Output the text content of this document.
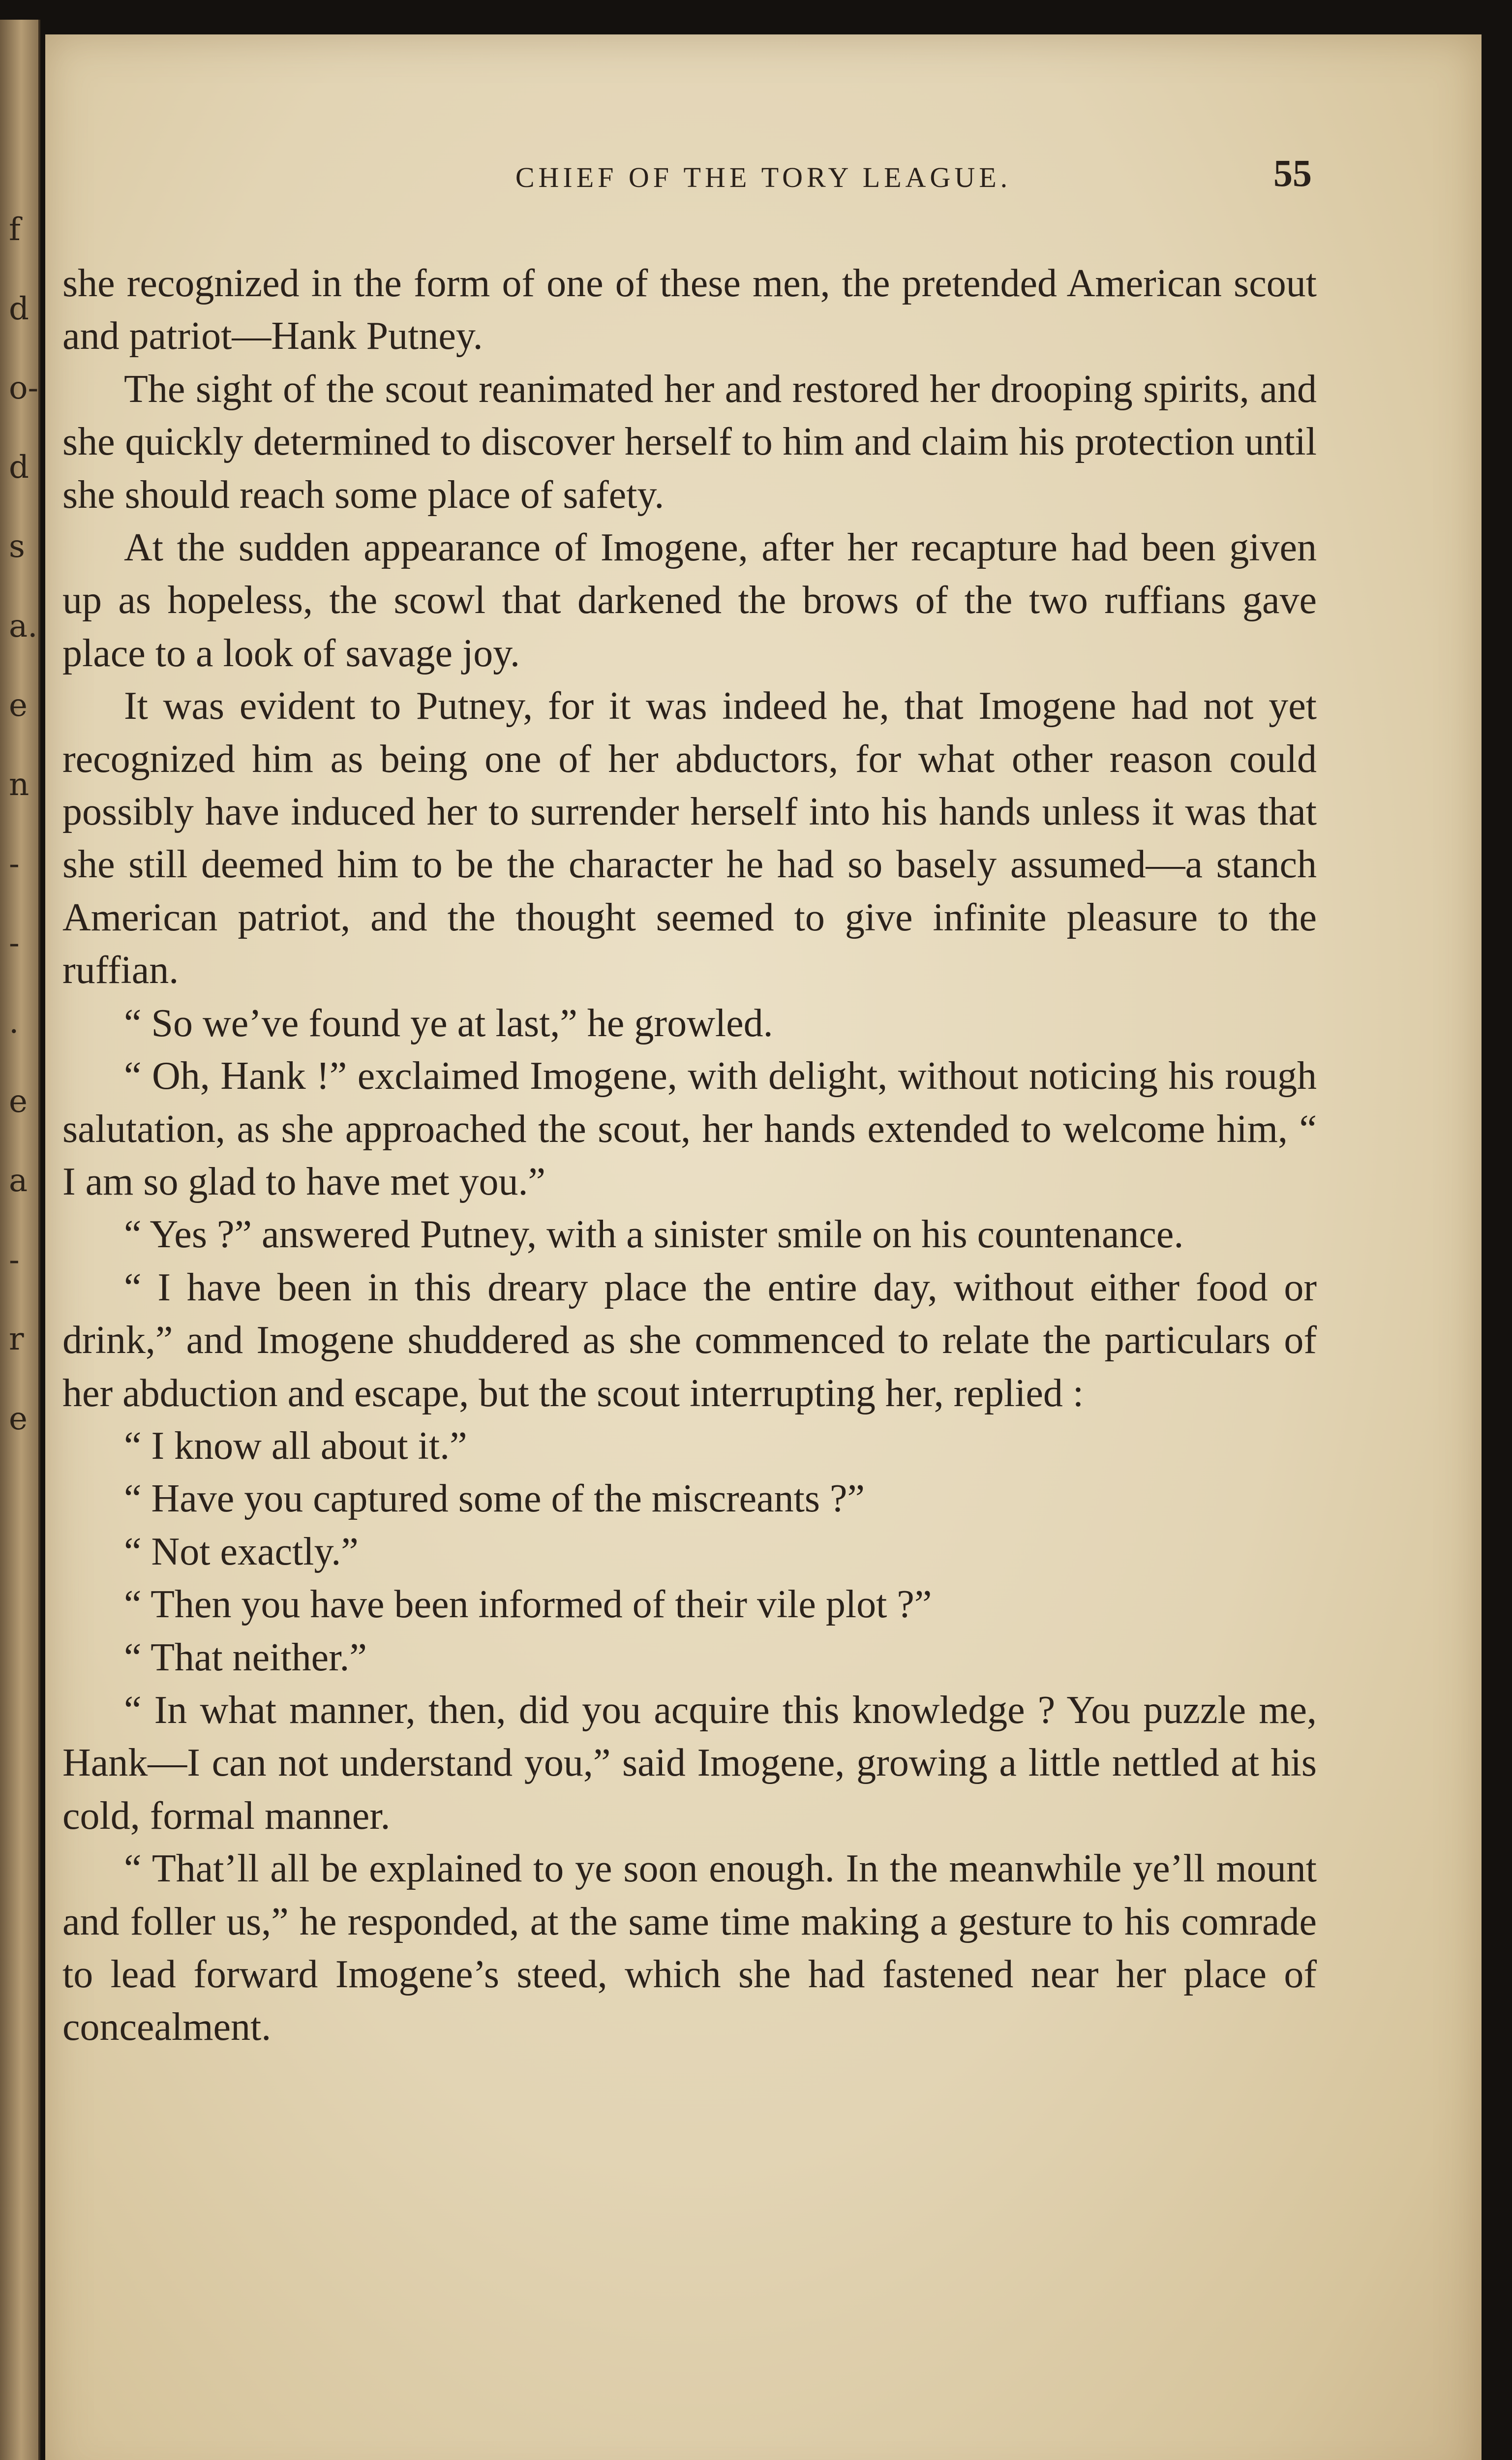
f
d
o-
d
s
a.
e
n
-
-
.
e
a
-
r
e
CHIEF OF THE TORY LEAGUE.	55

she recognized in the form of one of these men, the pretended American scout and patriot—Hank Putney.

The sight of the scout reanimated her and restored her drooping spirits, and she quickly determined to discover herself to him and claim his protection until she should reach some place of safety.

At the sudden appearance of Imogene, after her recapture had been given up as hopeless, the scowl that darkened the brows of the two ruffians gave place to a look of savage joy.

It was evident to Putney, for it was indeed he, that Imogene had not yet recognized him as being one of her abductors, for what other reason could possibly have induced her to surrender herself into his hands unless it was that she still deemed him to be the character he had so basely assumed—a stanch American patriot, and the thought seemed to give infinite pleasure to the ruffian.

“ So we’ve found ye at last,” he growled.

“ Oh, Hank !” exclaimed Imogene, with delight, without noticing his rough salutation, as she approached the scout, her hands extended to welcome him, “ I am so glad to have met you.”

“ Yes ?” answered Putney, with a sinister smile on his countenance.

“ I have been in this dreary place the entire day, without either food or drink,” and Imogene shuddered as she commenced to relate the particulars of her abduction and escape, but the scout interrupting her, replied :

“ I know all about it.”

“ Have you captured some of the miscreants ?”

“ Not exactly.”

“ Then you have been informed of their vile plot ?”

“ That neither.”

“ In what manner, then, did you acquire this knowledge ? You puzzle me, Hank—I can not understand you,” said Imogene, growing a little nettled at his cold, formal manner.

“ That’ll all be explained to ye soon enough. In the meanwhile ye’ll mount and foller us,” he responded, at the same time making a gesture to his comrade to lead forward Imogene’s steed, which she had fastened near her place of concealment.
